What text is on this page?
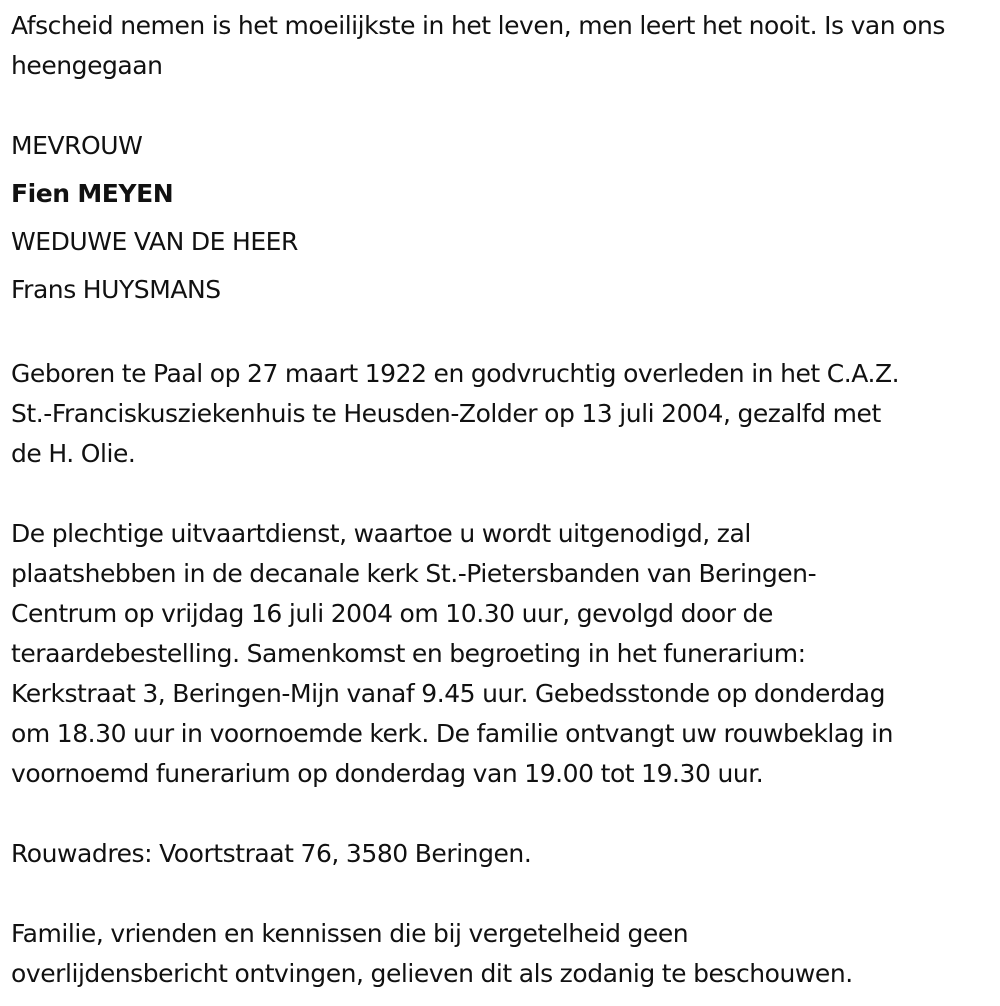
Afscheid nemen is het moeilijkste in het leven, men leert het nooit. Is van ons heengegaan

MEVROUW

Fien MEYEN

WEDUWE VAN DE HEER

Frans HUYSMANS

Geboren te Paal op 27 maart 1922 en godvruchtig overleden in het C.A.Z.

St.-Franciskusziekenhuis te Heusden-Zolder op 13 juli 2004, gezalfd met

de H. Olie.

De plechtige uitvaartdienst, waartoe u wordt uitgenodigd, zal

plaatshebben in de decanale kerk St.-Pietersbanden van Beringen-

Centrum op vrijdag 16 juli 2004 om 10.30 uur, gevolgd door de

teraardebestelling. Samenkomst en begroeting in het funerarium:

Kerkstraat 3, Beringen-Mijn vanaf 9.45 uur. Gebedsstonde op donderdag

om 18.30 uur in voornoemde kerk. De familie ontvangt uw rouwbeklag in

voornoemd funerarium op donderdag van 19.00 tot 19.30 uur.

Rouwadres: Voortstraat 76, 3580 Beringen.

Familie, vrienden en kennissen die bij vergetelheid geen

overlijdensbericht ontvingen, gelieven dit als zodanig te beschouwen.
